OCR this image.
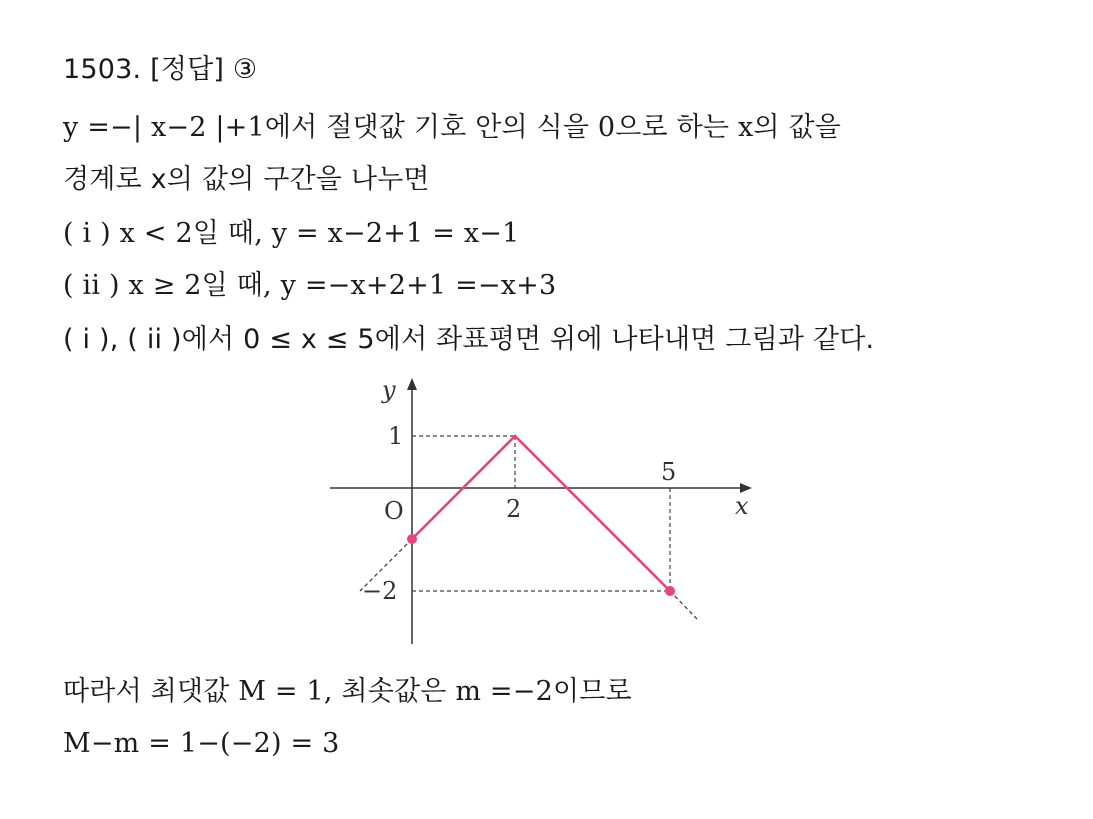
1503. [정답] ③
y =−| x−2 |+1에서 절댓값 기호 안의 식을 0으로 하는 x의 값을
경계로 x의 값의 구간을 나누면
( i ) x < 2일 때, y = x−2+1 = x−1
( ii ) x ≥ 2일 때, y =−x+2+1 =−x+3
( i ), ( ii )에서 0 ≤ x ≤ 5에서 좌표평면 위에 나타내면 그림과 같다.
y
x
O	2
5
1
−2
따라서 최댓값 M = 1, 최솟값은 m =−2이므로
M−m = 1−(−2) = 3
